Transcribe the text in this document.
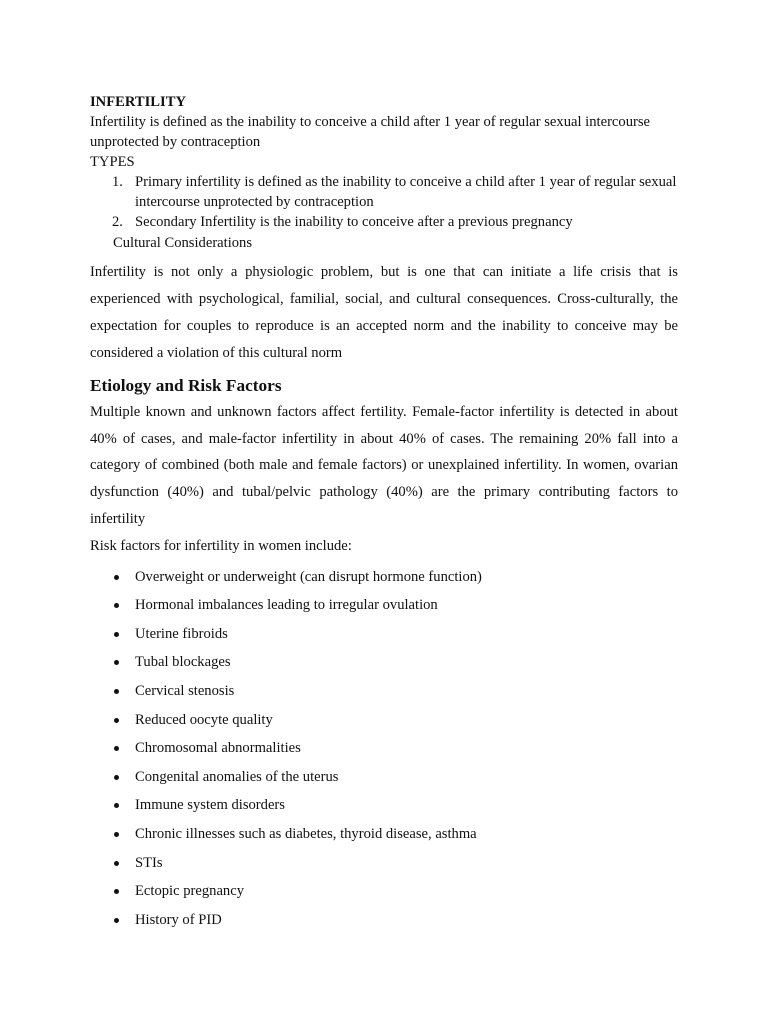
INFERTILITY

Infertility is defined as the inability to conceive a child after 1 year of regular sexual intercourse unprotected by contraception

TYPES

1. Primary infertility is defined as the inability to conceive a child after 1 year of regular sexual intercourse unprotected by contraception
2. Secondary Infertility is the inability to conceive after a previous pregnancy

Cultural Considerations

Infertility is not only a physiologic problem, but is one that can initiate a life crisis that is experienced with psychological, familial, social, and cultural consequences. Cross-culturally, the expectation for couples to reproduce is an accepted norm and the inability to conceive may be considered a violation of this cultural norm

Etiology and Risk Factors

Multiple known and unknown factors affect fertility. Female-factor infertility is detected in about 40% of cases, and male-factor infertility in about 40% of cases. The remaining 20% fall into a category of combined (both male and female factors) or unexplained infertility. In women, ovarian dysfunction (40%) and tubal/pelvic pathology (40%) are the primary contributing factors to infertility

Risk factors for infertility in women include:

Overweight or underweight (can disrupt hormone function)
Hormonal imbalances leading to irregular ovulation
Uterine fibroids
Tubal blockages
Cervical stenosis
Reduced oocyte quality
Chromosomal abnormalities
Congenital anomalies of the uterus
Immune system disorders
Chronic illnesses such as diabetes, thyroid disease, asthma
STIs
Ectopic pregnancy
History of PID
